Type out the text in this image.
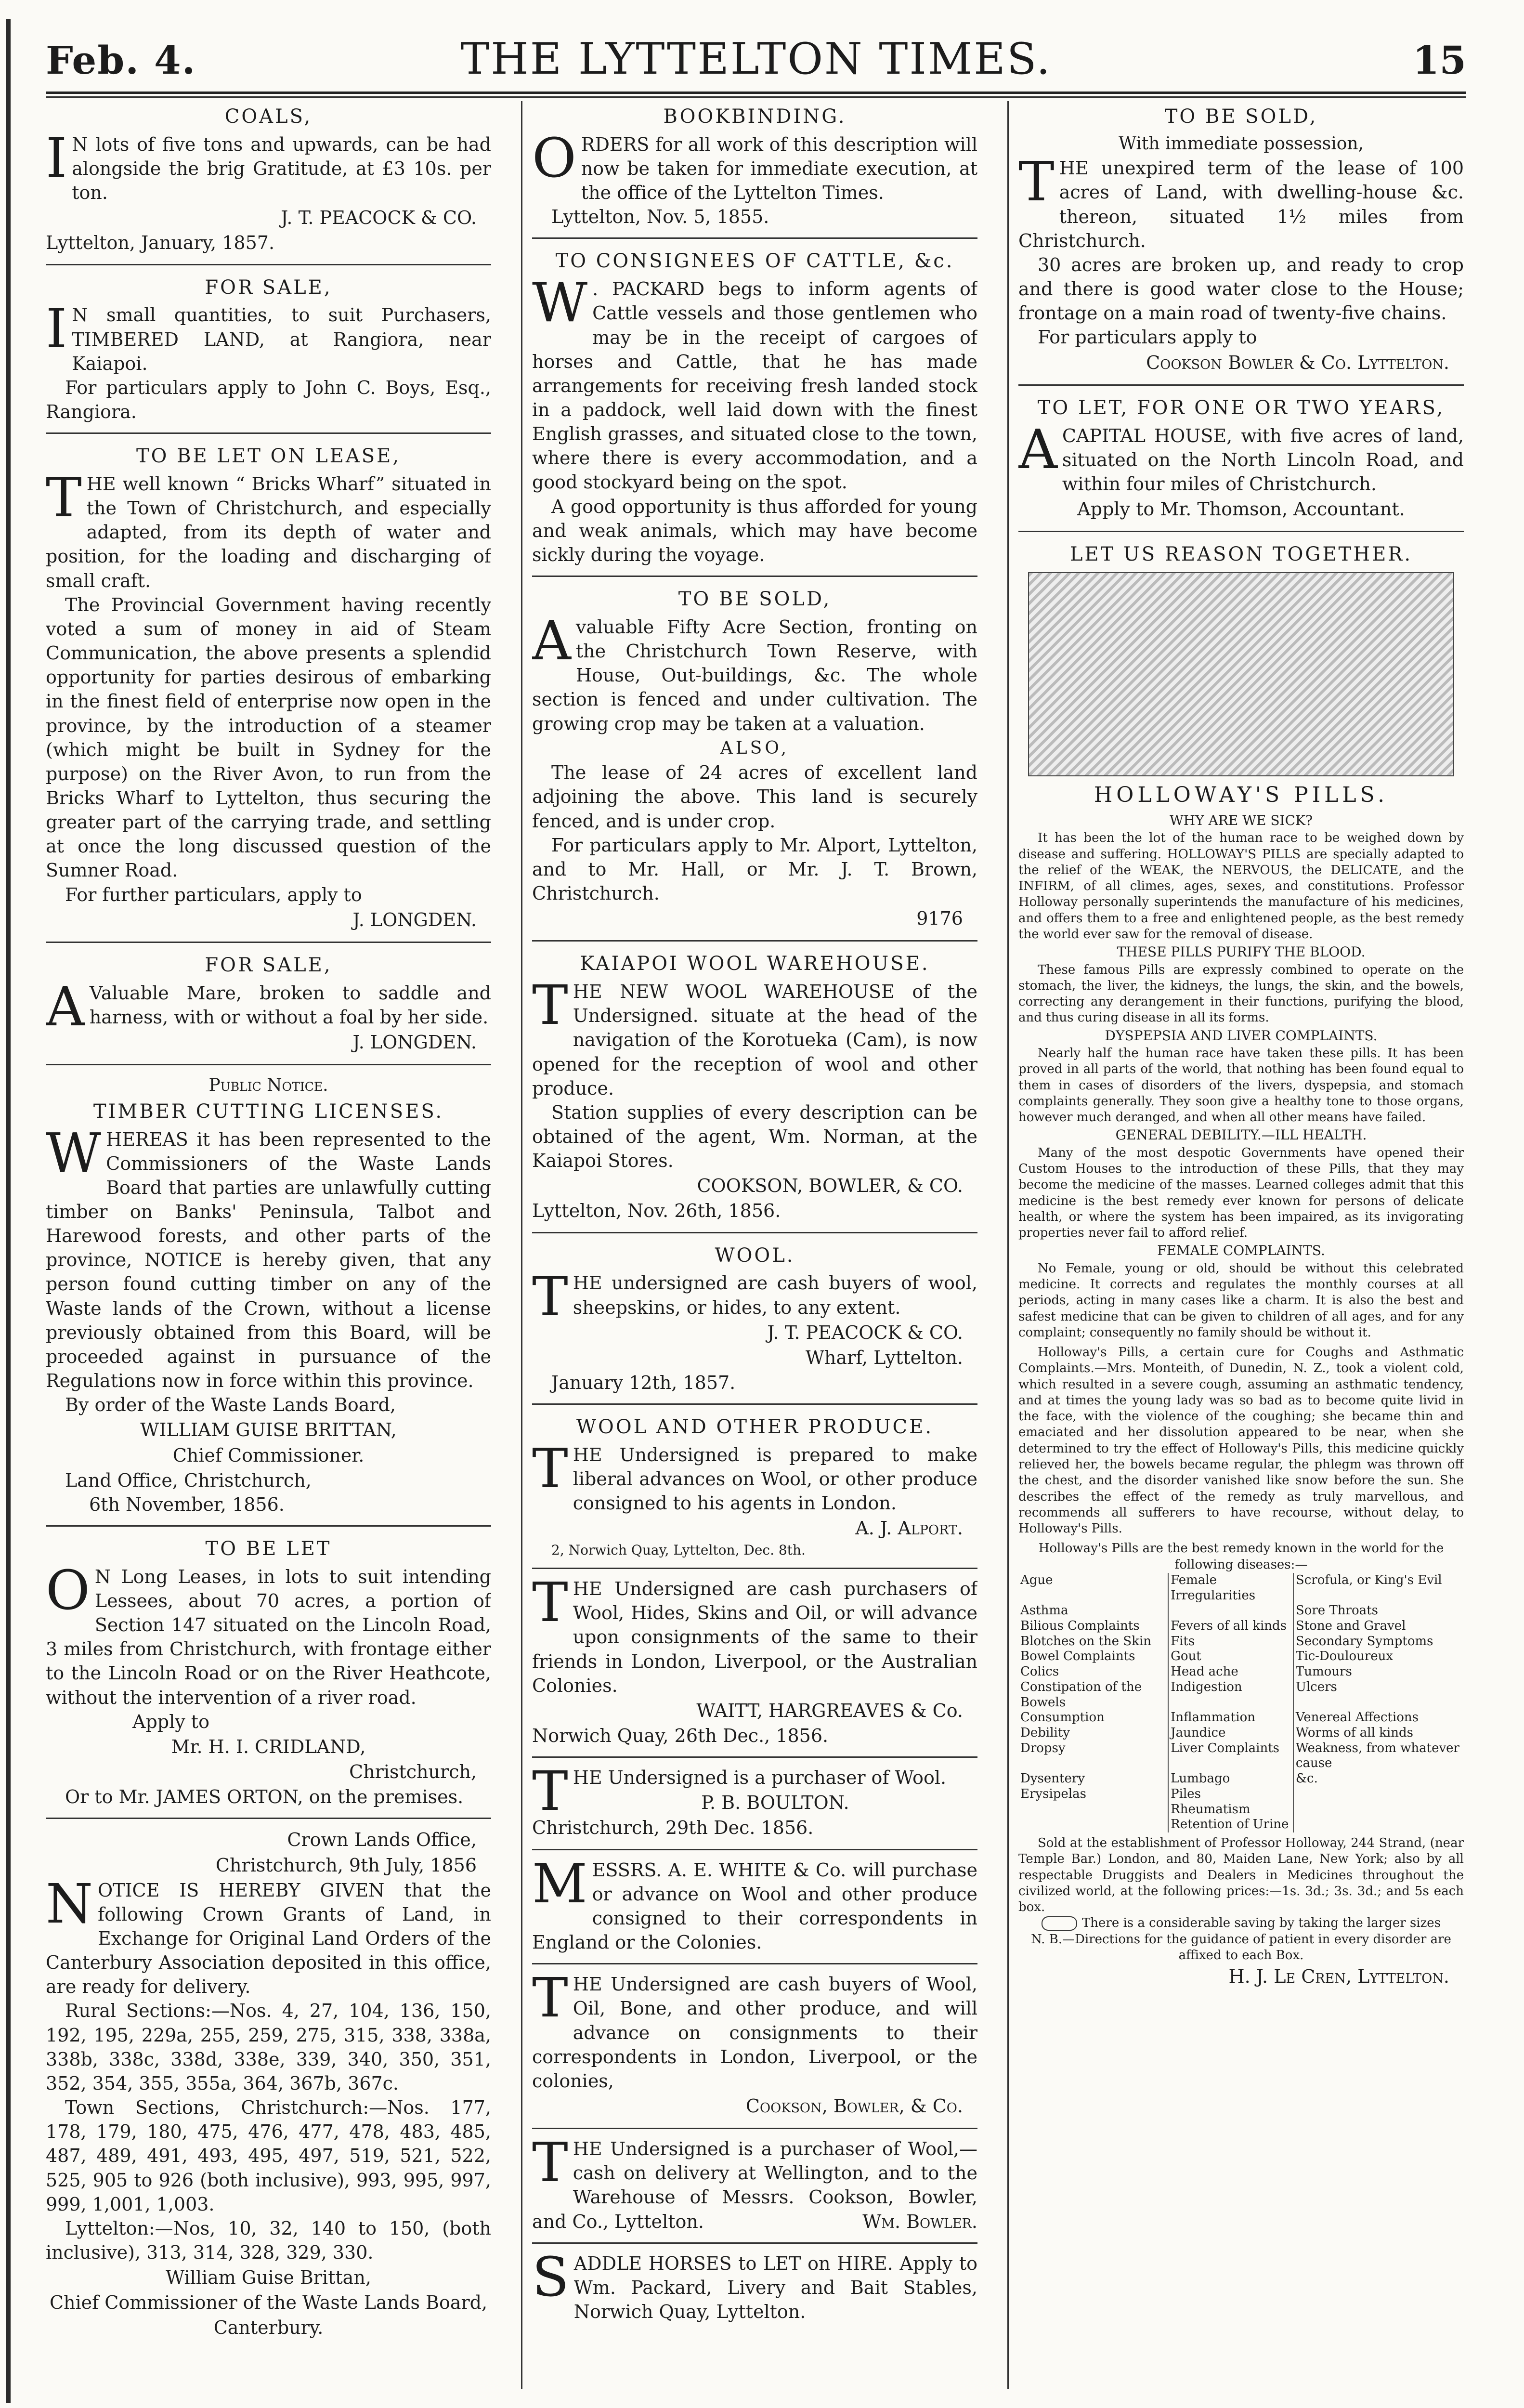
Feb. 4.	THE LYTTELTON TIMES.	15
COALS,

I N lots of five tons and upwards, can be had alongside the brig Gratitude, at £3 10s. per ton.

J. T. PEACOCK & CO.
Lyttelton, January, 1857.
FOR SALE,

I N small quantities, to suit Purchasers, TIMBERED LAND, at Rangiora, near Kaiapoi.

For particulars apply to John C. Boys, Esq., Rangiora.

TO BE LET ON LEASE,

THE well known “ Bricks Wharf” situated in the Town of Christchurch, and especially adapted, from its depth of water and position, for the loading and discharging of small craft.

The Provincial Government having recently voted a sum of money in aid of Steam Communication, the above presents a splendid opportunity for parties desirous of embarking in the finest field of enterprise now open in the province, by the introduction of a steamer (which might be built in Sydney for the purpose) on the River Avon, to run from the Bricks Wharf to Lyttelton, thus securing the greater part of the carrying trade, and settling at once the long discussed question of the Sumner Road.

For further particulars, apply to

J. LONGDEN.
FOR SALE,

A Valuable Mare, broken to saddle and harness, with or without a foal by her side.

J. LONGDEN.
Public Notice.
TIMBER CUTTING LICENSES.

WHEREAS it has been represented to the Commissioners of the Waste Lands Board that parties are unlawfully cutting timber on Banks' Peninsula, Talbot and Harewood forests, and other parts of the province, NOTICE is hereby given, that any person found cutting timber on any of the Waste lands of the Crown, without a license previously obtained from this Board, will be proceeded against in pursuance of the Regulations now in force within this province.

By order of the Waste Lands Board,

WILLIAM GUISE BRITTAN,
Chief Commissioner.
Land Office, Christchurch,
6th November, 1856.
TO BE LET

O N Long Leases, in lots to suit intending Lessees, about 70 acres, a portion of Section 147 situated on the Lincoln Road, 3 miles from Christchurch, with frontage either to the Lincoln Road or on the River Heathcote, without the intervention of a river road.

Apply to
Mr. H. I. CRIDLAND,
Christchurch,

Or to Mr. JAMES ORTON, on the premises.

Crown Lands Office,
Christchurch, 9th July, 1856

NOTICE IS HEREBY GIVEN that the following Crown Grants of Land, in Exchange for Original Land Orders of the Canterbury Association deposited in this office, are ready for delivery.

Rural Sections:—Nos. 4, 27, 104, 136, 150, 192, 195, 229a, 255, 259, 275, 315, 338, 338a, 338b, 338c, 338d, 338e, 339, 340, 350, 351, 352, 354, 355, 355a, 364, 367b, 367c.

Town Sections, Christchurch:—Nos. 177, 178, 179, 180, 475, 476, 477, 478, 483, 485, 487, 489, 491, 493, 495, 497, 519, 521, 522, 525, 905 to 926 (both inclusive), 993, 995, 997, 999, 1,001, 1,003.

Lyttelton:—Nos, 10, 32, 140 to 150, (both inclusive), 313, 314, 328, 329, 330.

William Guise Brittan,
Chief Commissioner of the Waste Lands Board,
Canterbury.
BOOKBINDING.

ORDERS for all work of this description will now be taken for immediate execution, at the office of the Lyttelton Times.

Lyttelton, Nov. 5, 1855.
TO CONSIGNEES OF CATTLE, &c.

W . PACKARD begs to inform agents of Cattle vessels and those gentlemen who may be in the receipt of cargoes of horses and Cattle, that he has made arrangements for receiving fresh landed stock in a paddock, well laid down with the finest English grasses, and situated close to the town, where there is every accommodation, and a good stockyard being on the spot.

A good opportunity is thus afforded for young and weak animals, which may have become sickly during the voyage.

TO BE SOLD,

Avaluable Fifty Acre Section, fronting on the Christchurch Town Reserve, with House, Out-buildings, &c. The whole section is fenced and under cultivation. The growing crop may be taken at a valuation.

ALSO,

The lease of 24 acres of excellent land adjoining the above. This land is securely fenced, and is under crop.

For particulars apply to Mr. Alport, Lyttelton, and to Mr. Hall, or Mr. J. T. Brown, Christchurch.

9176
KAIAPOI WOOL WAREHOUSE.

THE NEW WOOL WAREHOUSE of the Undersigned. situate at the head of the navigation of the Korotueka (Cam), is now opened for the reception of wool and other produce.

Station supplies of every description can be obtained of the agent, Wm. Norman, at the Kaiapoi Stores.

COOKSON, BOWLER, & CO.
Lyttelton, Nov. 26th, 1856.
WOOL.

THE undersigned are cash buyers of wool, sheepskins, or hides, to any extent.

J. T. PEACOCK & CO.
Wharf, Lyttelton.
January 12th, 1857.
WOOL AND OTHER PRODUCE.

THE Undersigned is prepared to make liberal advances on Wool, or other produce consigned to his agents in London.

A. J. Alport.
2, Norwich Quay, Lyttelton, Dec. 8th.

THE Undersigned are cash purchasers of Wool, Hides, Skins and Oil, or will advance upon consignments of the same to their friends in London, Liverpool, or the Australian Colonies.

WAITT, HARGREAVES & Co.
Norwich Quay, 26th Dec., 1856.

THE Undersigned is a purchaser of Wool.

P. B. BOULTON.
Christchurch, 29th Dec. 1856.

MESSRS. A. E. WHITE & Co. will purchase or advance on Wool and other produce consigned to their correspondents in England or the Colonies.

THE Undersigned are cash buyers of Wool, Oil, Bone, and other produce, and will advance on consignments to their correspondents in London, Liverpool, or the colonies,

Cookson, Bowler, & Co.

THE Undersigned is a purchaser of Wool,—cash on delivery at Wellington, and to the Warehouse of Messrs. Cookson, Bowler, and Co., Lyttelton.	Wm. Bowler.

SADDLE HORSES to LET on HIRE. Apply to Wm. Packard, Livery and Bait Stables, Norwich Quay, Lyttelton.

TO BE SOLD,
With immediate possession,

THE unexpired term of the lease of 100 acres of Land, with dwelling-house &c. thereon, situated 1½ miles from Christchurch.

30 acres are broken up, and ready to crop and there is good water close to the House; frontage on a main road of twenty-five chains.

For particulars apply to

Cookson Bowler & Co. Lyttelton.
TO LET, FOR ONE OR TWO YEARS,

ACAPITAL HOUSE, with five acres of land, situated on the North Lincoln Road, and within four miles of Christchurch.

Apply to Mr. Thomson, Accountant.
LET US REASON TOGETHER.
HOLLOWAY'S PILLS.
WHY ARE WE SICK?

It has been the lot of the human race to be weighed down by disease and suffering. HOLLOWAY'S PILLS are specially adapted to the relief of the WEAK, the NERVOUS, the DELICATE, and the INFIRM, of all climes, ages, sexes, and constitutions. Professor Holloway personally superintends the manufacture of his medicines, and offers them to a free and enlightened people, as the best remedy the world ever saw for the removal of disease.

THESE PILLS PURIFY THE BLOOD.

These famous Pills are expressly combined to operate on the stomach, the liver, the kidneys, the lungs, the skin, and the bowels, correcting any derangement in their functions, purifying the blood, and thus curing disease in all its forms.

DYSPEPSIA AND LIVER COMPLAINTS.

Nearly half the human race have taken these pills. It has been proved in all parts of the world, that nothing has been found equal to them in cases of disorders of the livers, dyspepsia, and stomach complaints generally. They soon give a healthy tone to those organs, however much deranged, and when all other means have failed.

GENERAL DEBILITY.—ILL HEALTH.

Many of the most despotic Governments have opened their Custom Houses to the introduction of these Pills, that they may become the medicine of the masses. Learned colleges admit that this medicine is the best remedy ever known for persons of delicate health, or where the system has been impaired, as its invigorating properties never fail to afford relief.

FEMALE COMPLAINTS.

No Female, young or old, should be without this celebrated medicine. It corrects and regulates the monthly courses at all periods, acting in many cases like a charm. It is also the best and safest medicine that can be given to children of all ages, and for any complaint; consequently no family should be without it.

Holloway's Pills, a certain cure for Coughs and Asthmatic Complaints.—Mrs. Monteith, of Dunedin, N. Z., took a violent cold, which resulted in a severe cough, assuming an asthmatic tendency, and at times the young lady was so bad as to become quite livid in the face, with the violence of the coughing; she became thin and emaciated and her dissolution appeared to be near, when she determined to try the effect of Holloway's Pills, this medicine quickly relieved her, the bowels became regular, the phlegm was thrown off the chest, and the disorder vanished like snow before the sun. She describes the effect of the remedy as truly marvellous, and recommends all sufferers to have recourse, without delay, to Holloway's Pills.

Holloway's Pills are the best remedy known in the world for the following diseases:—

Ague	Female Irregularities	Scrofula, or King's Evil
Asthma		Sore Throats
Bilious Complaints	Fevers of all kinds	Stone and Gravel
Blotches on the Skin	Fits	Secondary Symptoms
Bowel Complaints	Gout	Tic-Douloureux
Colics	Head ache	Tumours
Constipation of the Bowels	Indigestion	Ulcers
Consumption	Inflammation	Venereal Affections
Debility	Jaundice	Worms of all kinds
Dropsy	Liver Complaints	Weakness, from whatever cause
Dysentery	Lumbago	&c.
Erysipelas	Piles	
	Rheumatism	
	Retention of Urine	

Sold at the establishment of Professor Holloway, 244 Strand, (near Temple Bar.) London, and 80, Maiden Lane, New York; also by all respectable Druggists and Dealers in Medicines throughout the civilized world, at the following prices:—1s. 3d.; 3s. 3d.; and 5s each box.

There is a considerable saving by taking the larger sizes

N. B.—Directions for the guidance of patient in every disorder are affixed to each Box.

H. J. Le Cren, Lyttelton.
